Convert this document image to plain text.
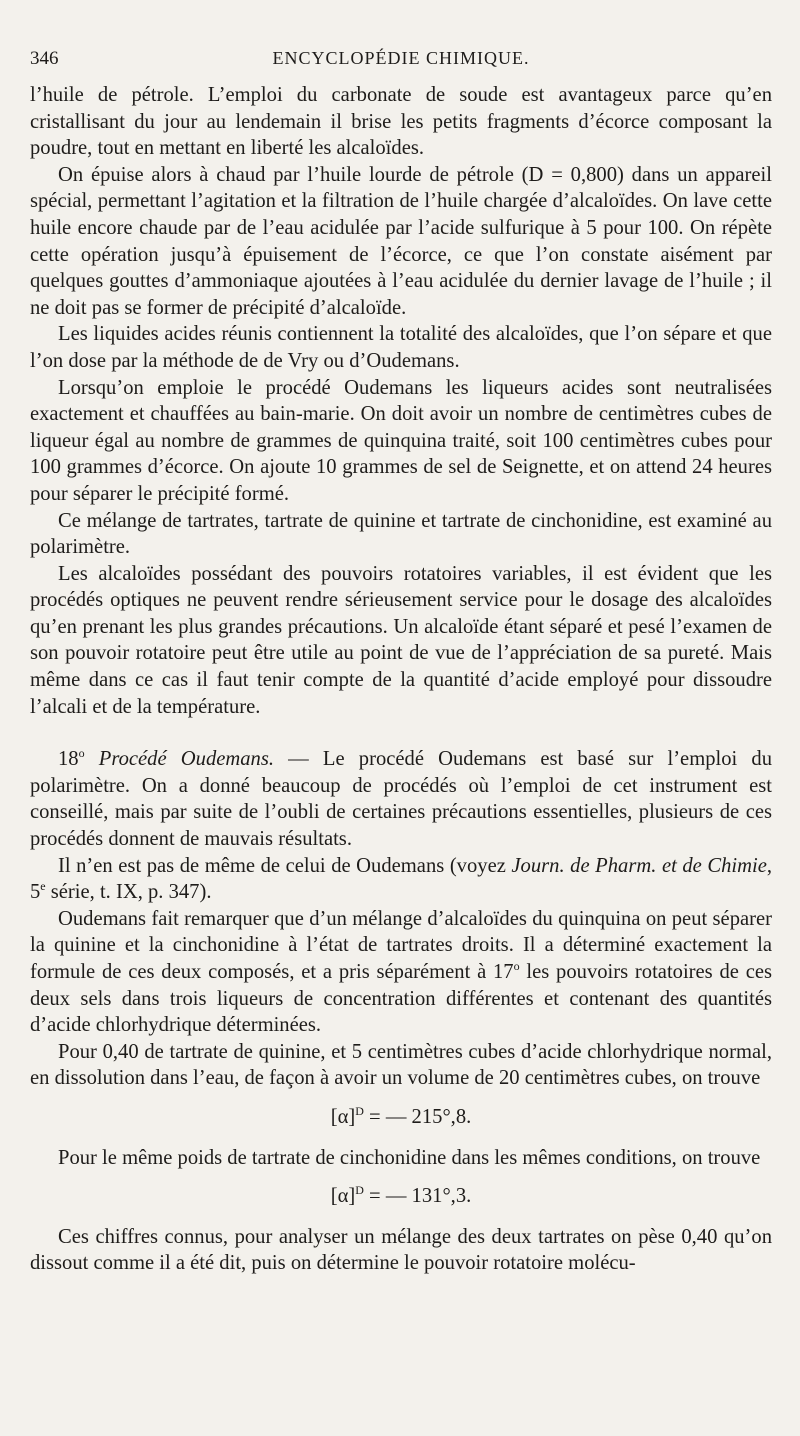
346	ENCYCLOPÉDIE CHIMIQUE.

l’huile de pétrole. L’emploi du carbonate de soude est avantageux parce qu’en cristallisant du jour au lendemain il brise les petits fragments d’écorce composant la poudre, tout en mettant en liberté les alcaloïdes.

On épuise alors à chaud par l’huile lourde de pétrole (D = 0,800) dans un appareil spécial, permettant l’agitation et la filtration de l’huile chargée d’alcaloïdes. On lave cette huile encore chaude par de l’eau acidulée par l’acide sulfurique à 5 pour 100. On répète cette opération jusqu’à épuisement de l’écorce, ce que l’on constate aisément par quelques gouttes d’ammoniaque ajoutées à l’eau acidulée du dernier lavage de l’huile ; il ne doit pas se former de précipité d’alcaloïde.

Les liquides acides réunis contiennent la totalité des alcaloïdes, que l’on sépare et que l’on dose par la méthode de de Vry ou d’Oudemans.

Lorsqu’on emploie le procédé Oudemans les liqueurs acides sont neutralisées exactement et chauffées au bain-marie. On doit avoir un nombre de centimètres cubes de liqueur égal au nombre de grammes de quinquina traité, soit 100 centimètres cubes pour 100 grammes d’écorce. On ajoute 10 grammes de sel de Seignette, et on attend 24 heures pour séparer le précipité formé.

Ce mélange de tartrates, tartrate de quinine et tartrate de cinchonidine, est examiné au polarimètre.

Les alcaloïdes possédant des pouvoirs rotatoires variables, il est évident que les procédés optiques ne peuvent rendre sérieusement service pour le dosage des alcaloïdes qu’en prenant les plus grandes précautions. Un alcaloïde étant séparé et pesé l’examen de son pouvoir rotatoire peut être utile au point de vue de l’appréciation de sa pureté. Mais même dans ce cas il faut tenir compte de la quantité d’acide employé pour dissoudre l’alcali et de la température.

18$^o$ Procédé Oudemans. — Le procédé Oudemans est basé sur l’emploi du polarimètre. On a donné beaucoup de procédés où l’emploi de cet instrument est conseillé, mais par suite de l’oubli de certaines précautions essentielles, plusieurs de ces procédés donnent de mauvais résultats.

Il n’en est pas de même de celui de Oudemans (voyez Journ. de Pharm. et de Chimie, 5e série, t. IX, p. 347).

Oudemans fait remarquer que d’un mélange d’alcaloïdes du quinquina on peut séparer la quinine et la cinchonidine à l’état de tartrates droits. Il a déterminé exactement la formule de ces deux composés, et a pris séparément à 17$^o$ les pouvoirs rotatoires de ces deux sels dans trois liqueurs de concentration différentes et contenant des quantités d’acide chlorhydrique déterminées.

Pour 0,40 de tartrate de quinine, et 5 centimètres cubes d’acide chlorhydrique normal, en dissolution dans l’eau, de façon à avoir un volume de 20 centimètres cubes, on trouve

$[\alpha]^D$ = — 215°,8.

Pour le même poids de tartrate de cinchonidine dans les mêmes conditions, on trouve

$[\alpha]^D$ = — 131°,3.

Ces chiffres connus, pour analyser un mélange des deux tartrates on pèse 0,40 qu’on dissout comme il a été dit, puis on détermine le pouvoir rotatoire molécu-
